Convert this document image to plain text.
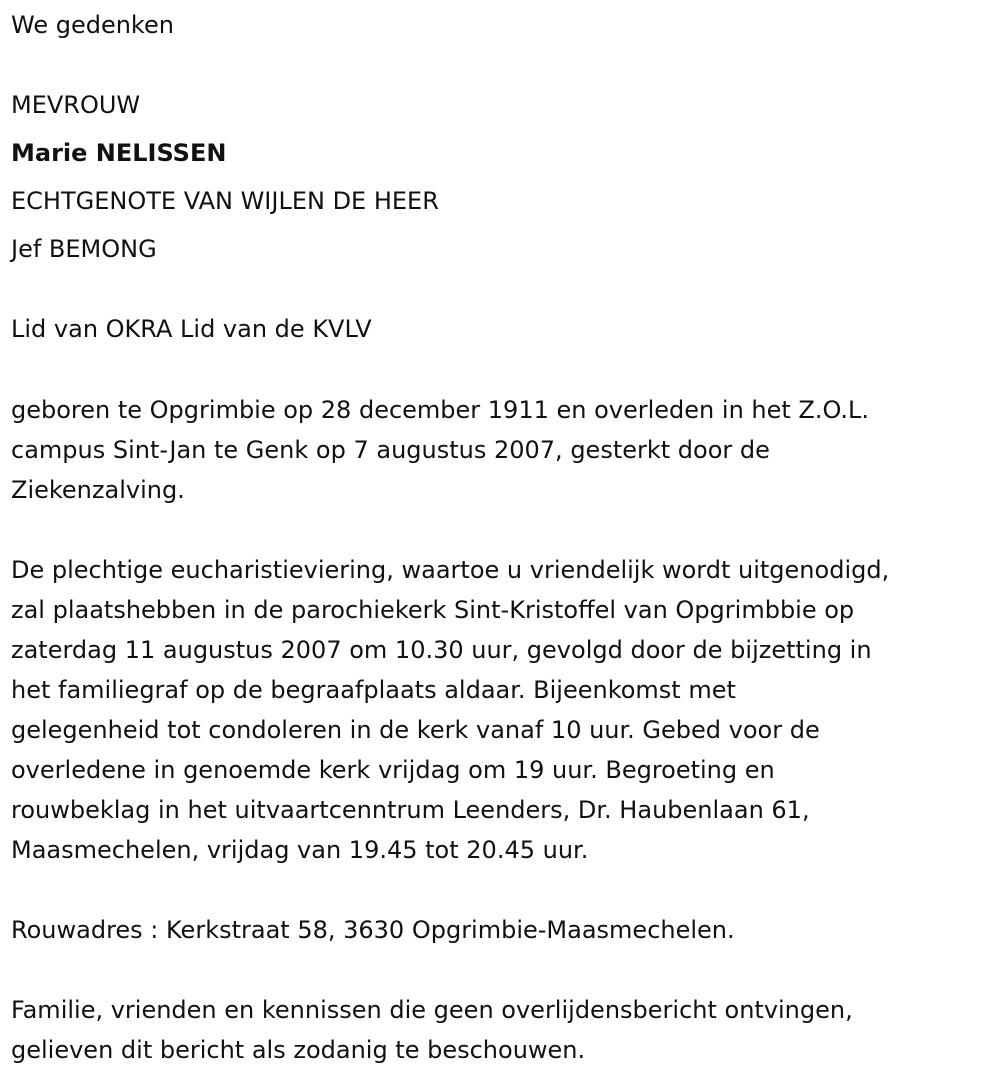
We gedenken
MEVROUW
Marie NELISSEN
ECHTGENOTE VAN WIJLEN DE HEER
Jef BEMONG
Lid van OKRA Lid van de KVLV
geboren te Opgrimbie op 28 december 1911 en overleden in het Z.O.L.
campus Sint-Jan te Genk op 7 augustus 2007, gesterkt door de
Ziekenzalving.
De plechtige eucharistieviering, waartoe u vriendelijk wordt uitgenodigd,
zal plaatshebben in de parochiekerk Sint-Kristoffel van Opgrimbbie op
zaterdag 11 augustus 2007 om 10.30 uur, gevolgd door de bijzetting in
het familiegraf op de begraafplaats aldaar. Bijeenkomst met
gelegenheid tot condoleren in de kerk vanaf 10 uur. Gebed voor de
overledene in genoemde kerk vrijdag om 19 uur. Begroeting en
rouwbeklag in het uitvaartcenntrum Leenders, Dr. Haubenlaan 61,
Maasmechelen, vrijdag van 19.45 tot 20.45 uur.
Rouwadres : Kerkstraat 58, 3630 Opgrimbie-Maasmechelen.
Familie, vrienden en kennissen die geen overlijdensbericht ontvingen,
gelieven dit bericht als zodanig te beschouwen.
